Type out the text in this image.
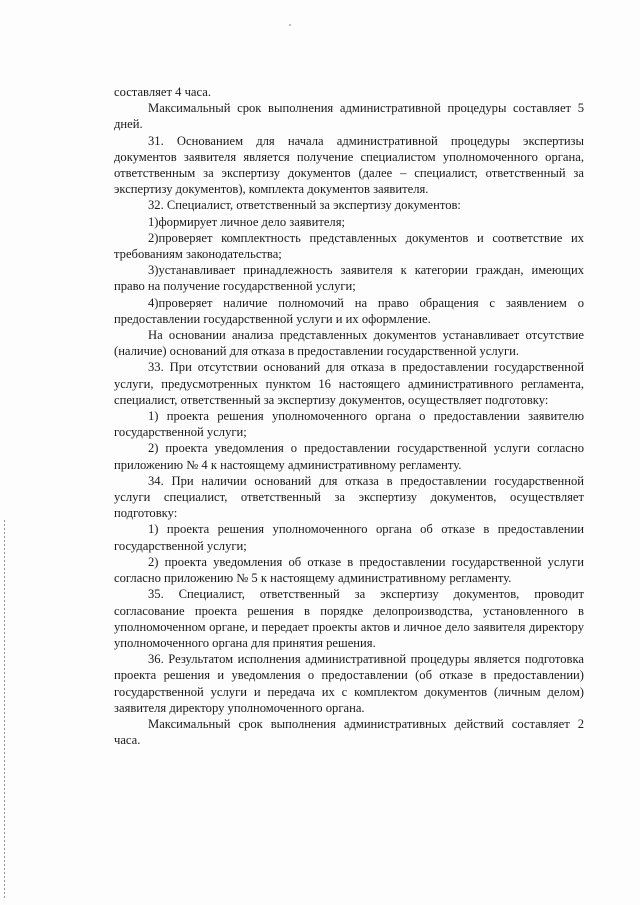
составляет 4 часа.

Максимальный срок выполнения административной процедуры составляет 5 дней.

31. Основанием для начала административной процедуры экспертизы документов заявителя является получение специалистом уполномоченного органа, ответственным за экспертизу документов (далее – специалист, ответственный за экспертизу документов), комплекта документов заявителя.

32. Специалист, ответственный за экспертизу документов:

1)формирует личное дело заявителя;

2)проверяет комплектность представленных документов и соответствие их требованиям законодательства;

3)устанавливает принадлежность заявителя к категории граждан, имеющих право на получение государственной услуги;

4)проверяет наличие полномочий на право обращения с заявлением о предоставлении государственной услуги и их оформление.

На основании анализа представленных документов устанавливает отсутствие (наличие) оснований для отказа в предоставлении государственной услуги.

33. При отсутствии оснований для отказа в предоставлении государственной услуги, предусмотренных пунктом 16 настоящего административного регламента, специалист, ответственный за экспертизу документов, осуществляет подготовку:

1) проекта решения уполномоченного органа о предоставлении заявителю государственной услуги;

2) проекта уведомления о предоставлении государственной услуги согласно приложению № 4 к настоящему административному регламенту.

34. При наличии оснований для отказа в предоставлении государственной услуги специалист, ответственный за экспертизу документов, осуществляет подготовку:

1) проекта решения уполномоченного органа об отказе в предоставлении государственной услуги;

2) проекта уведомления об отказе в предоставлении государственной услуги согласно приложению № 5 к настоящему административному регламенту.

35. Специалист, ответственный за экспертизу документов, проводит согласование проекта решения в порядке делопроизводства, установленного в уполномоченном органе, и передает проекты актов и личное дело заявителя директору уполномоченного органа для принятия решения.

36. Результатом исполнения административной процедуры является подготовка проекта решения и уведомления о предоставлении (об отказе в предоставлении) государственной услуги и передача их с комплектом документов (личным делом) заявителя директору уполномоченного органа.

Максимальный срок выполнения административных действий составляет 2 часа.
